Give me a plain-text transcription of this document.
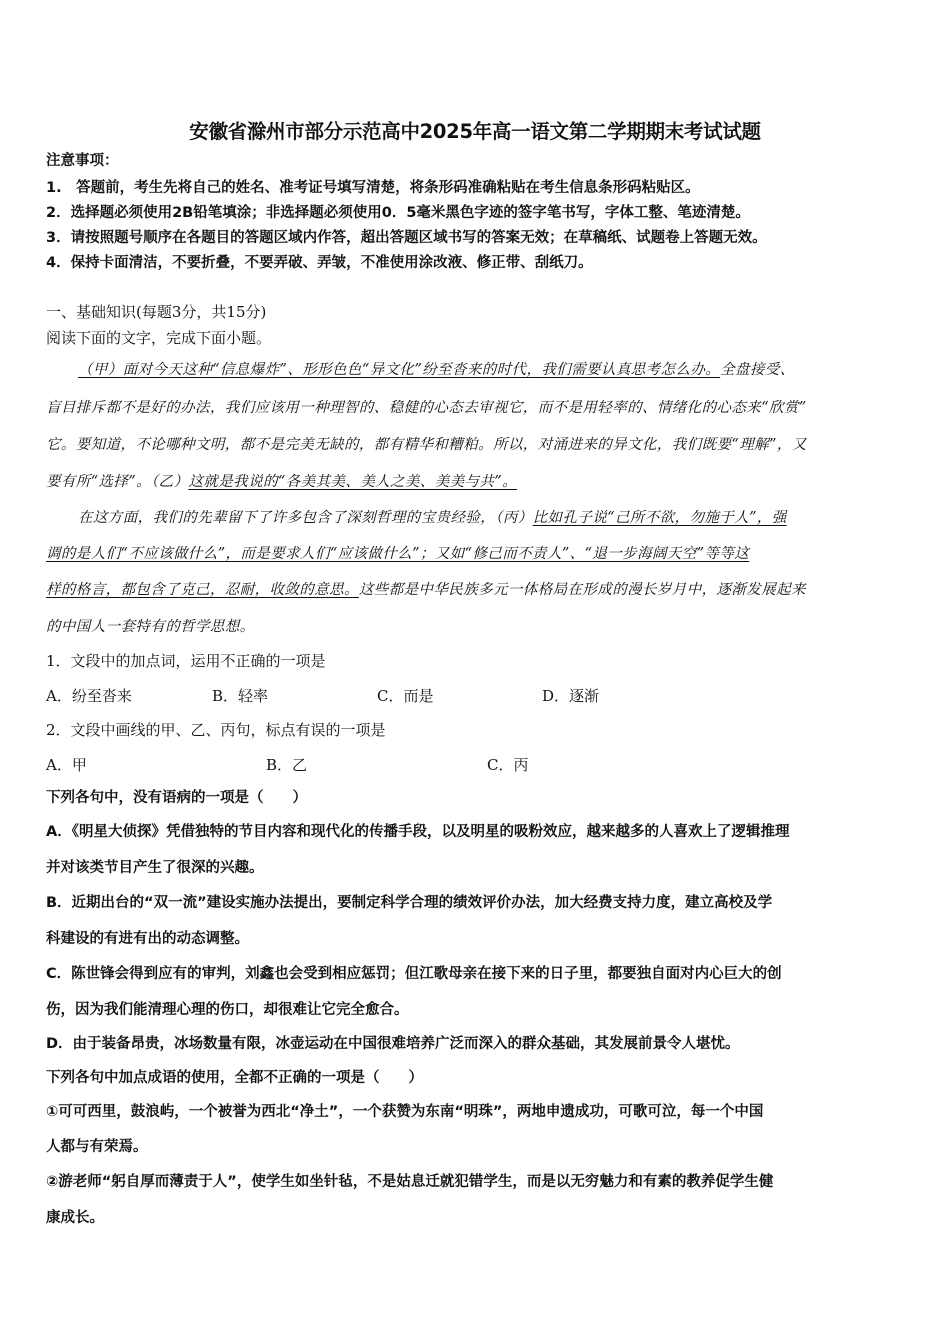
安徽省滁州市部分示范高中2025年高一语文第二学期期末考试试题
注意事项：
1.　答题前，考生先将自己的姓名、准考证号填写清楚，将条形码准确粘贴在考生信息条形码粘贴区。
2．选择题必须使用2B铅笔填涂；非选择题必须使用0．5毫米黑色字迹的签字笔书写，字体工整、笔迹清楚。
3．请按照题号顺序在各题目的答题区域内作答，超出答题区域书写的答案无效；在草稿纸、试题卷上答题无效。
4．保持卡面清洁，不要折叠，不要弄破、弄皱，不准使用涂改液、修正带、刮纸刀。
一、基础知识(每题3分，共15分)
阅读下面的文字，完成下面小题。
（甲）面对今天这种“信息爆炸”、形形色色“异文化”纷至沓来的时代，我们需要认真思考怎么办。全盘接受、
盲目排斥都不是好的办法，我们应该用一种理智的、稳健的心态去审视它，而不是用轻率的、情绪化的心态来“欣赏”
它。要知道，不论哪种文明，都不是完美无缺的，都有精华和糟粕。所以，对涌进来的异文化，我们既要“理解”，又
要有所“选择”。（乙）这就是我说的“各美其美、美人之美、美美与共”。
在这方面，我们的先辈留下了许多包含了深刻哲理的宝贵经验，（丙）比如孔子说“己所不欲，勿施于人”，强
调的是人们“不应该做什么”，而是要求人们“应该做什么”；又如“修己而不责人”、“退一步海阔天空”等等这
样的格言，都包含了克己，忍耐，收敛的意思。这些都是中华民族多元一体格局在形成的漫长岁月中，逐渐发展起来
的中国人一套特有的哲学思想。
1．文段中的加点词，运用不正确的一项是
A．纷至沓来	B．轻率	C．而是	D．逐渐
2．文段中画线的甲、乙、丙句，标点有误的一项是
A．甲	B．乙	C．丙
下列各句中，没有语病的一项是（　　）
A．《明星大侦探》凭借独特的节目内容和现代化的传播手段，以及明星的吸粉效应，越来越多的人喜欢上了逻辑推理
并对该类节目产生了很深的兴趣。
B．近期出台的“双一流”建设实施办法提出，要制定科学合理的绩效评价办法，加大经费支持力度，建立高校及学
科建设的有进有出的动态调整。
C．陈世锋会得到应有的审判，刘鑫也会受到相应惩罚；但江歌母亲在接下来的日子里，都要独自面对内心巨大的创
伤，因为我们能清理心理的伤口，却很难让它完全愈合。
D．由于装备昂贵，冰场数量有限，冰壶运动在中国很难培养广泛而深入的群众基础，其发展前景令人堪忧。
下列各句中加点成语的使用，全都不正确的一项是（　　）
①可可西里，鼓浪屿，一个被誉为西北“净土”，一个获赞为东南“明珠”，两地申遗成功，可歌可泣，每一个中国
人都与有荣焉。
②游老师“躬自厚而薄责于人”，使学生如坐针毡，不是姑息迁就犯错学生，而是以无穷魅力和有素的教养促学生健
康成长。
